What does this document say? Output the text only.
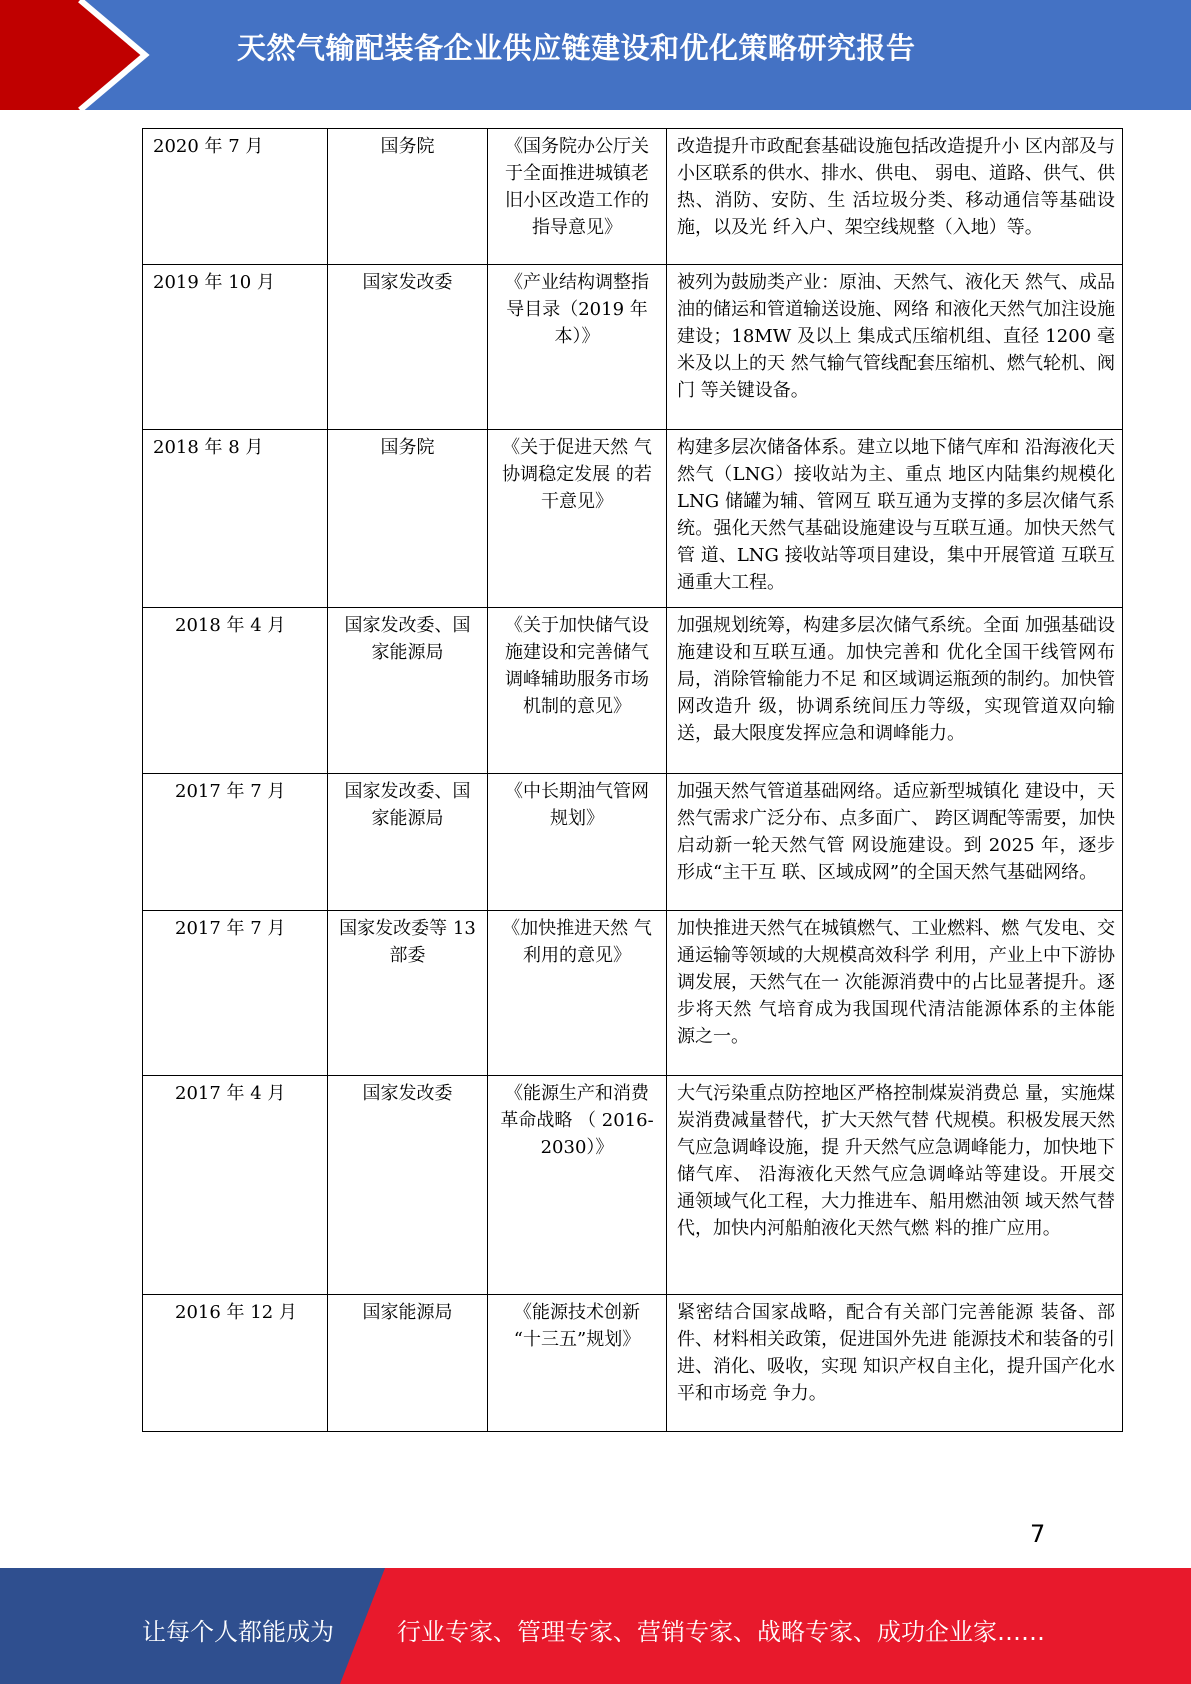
天然气输配装备企业供应链建设和优化策略研究报告
2020 年 7 月	国务院	《国务院办公厅关于全面推进城镇老旧小区改造工作的指导意见》	改造提升市政配套基础设施包括改造提升小 区内部及与小区联系的供水、排水、供电、 弱电、道路、供气、供热、消防、安防、生 活垃圾分类、移动通信等基础设施，以及光 纤入户、架空线规整（入地）等。
2019 年 10 月	国家发改委	《产业结构调整指导目录（2019 年本）》	被列为鼓励类产业：原油、天然气、液化天 然气、成品油的储运和管道输送设施、网络 和液化天然气加注设施建设；18MW 及以上 集成式压缩机组、直径 1200 毫米及以上的天 然气输气管线配套压缩机、燃气轮机、阀门 等关键设备。
2018 年 8 月	国务院	《关于促进天然 气协调稳定发展 的若干意见》	构建多层次储备体系。建立以地下储气库和 沿海液化天然气（LNG）接收站为主、重点 地区内陆集约规模化 LNG 储罐为辅、管网互 联互通为支撑的多层次储气系统。强化天然气基础设施建设与互联互通。加快天然气管 道、LNG 接收站等项目建设，集中开展管道 互联互通重大工程。
2018 年 4 月	国家发改委、国家能源局	《关于加快储气设施建设和完善储气调峰辅助服务市场机制的意见》	加强规划统筹，构建多层次储气系统。全面 加强基础设施建设和互联互通。加快完善和 优化全国干线管网布局，消除管输能力不足 和区域调运瓶颈的制约。加快管网改造升 级，协调系统间压力等级，实现管道双向输 送，最大限度发挥应急和调峰能力。
2017 年 7 月	国家发改委、国家能源局	《中长期油气管网规划》	加强天然气管道基础网络。适应新型城镇化 建设中，天然气需求广泛分布、点多面广、 跨区调配等需要，加快启动新一轮天然气管 网设施建设。到 2025 年，逐步形成“主干互 联、区域成网”的全国天然气基础网络。
2017 年 7 月	国家发改委等 13 部委	《加快推进天然 气利用的意见》	加快推进天然气在城镇燃气、工业燃料、燃 气发电、交通运输等领域的大规模高效科学 利用，产业上中下游协调发展，天然气在一 次能源消费中的占比显著提升。逐步将天然 气培育成为我国现代清洁能源体系的主体能 源之一。
2017 年 4 月	国家发改委	《能源生产和消费革命战略 （ 2016-2030）》	大气污染重点防控地区严格控制煤炭消费总 量，实施煤炭消费减量替代，扩大天然气替 代规模。积极发展天然气应急调峰设施，提 升天然气应急调峰能力，加快地下储气库、 沿海液化天然气应急调峰站等建设。开展交 通领域气化工程，大力推进车、船用燃油领 域天然气替代，加快内河船舶液化天然气燃 料的推广应用。
2016 年 12 月	国家能源局	《能源技术创新 “十三五”规划》	紧密结合国家战略，配合有关部门完善能源 装备、部件、材料相关政策，促进国外先进 能源技术和装备的引进、消化、吸收，实现 知识产权自主化，提升国产化水平和市场竞 争力。
7
让每个人都能成为	行业专家、管理专家、营销专家、战略专家、成功企业家……
